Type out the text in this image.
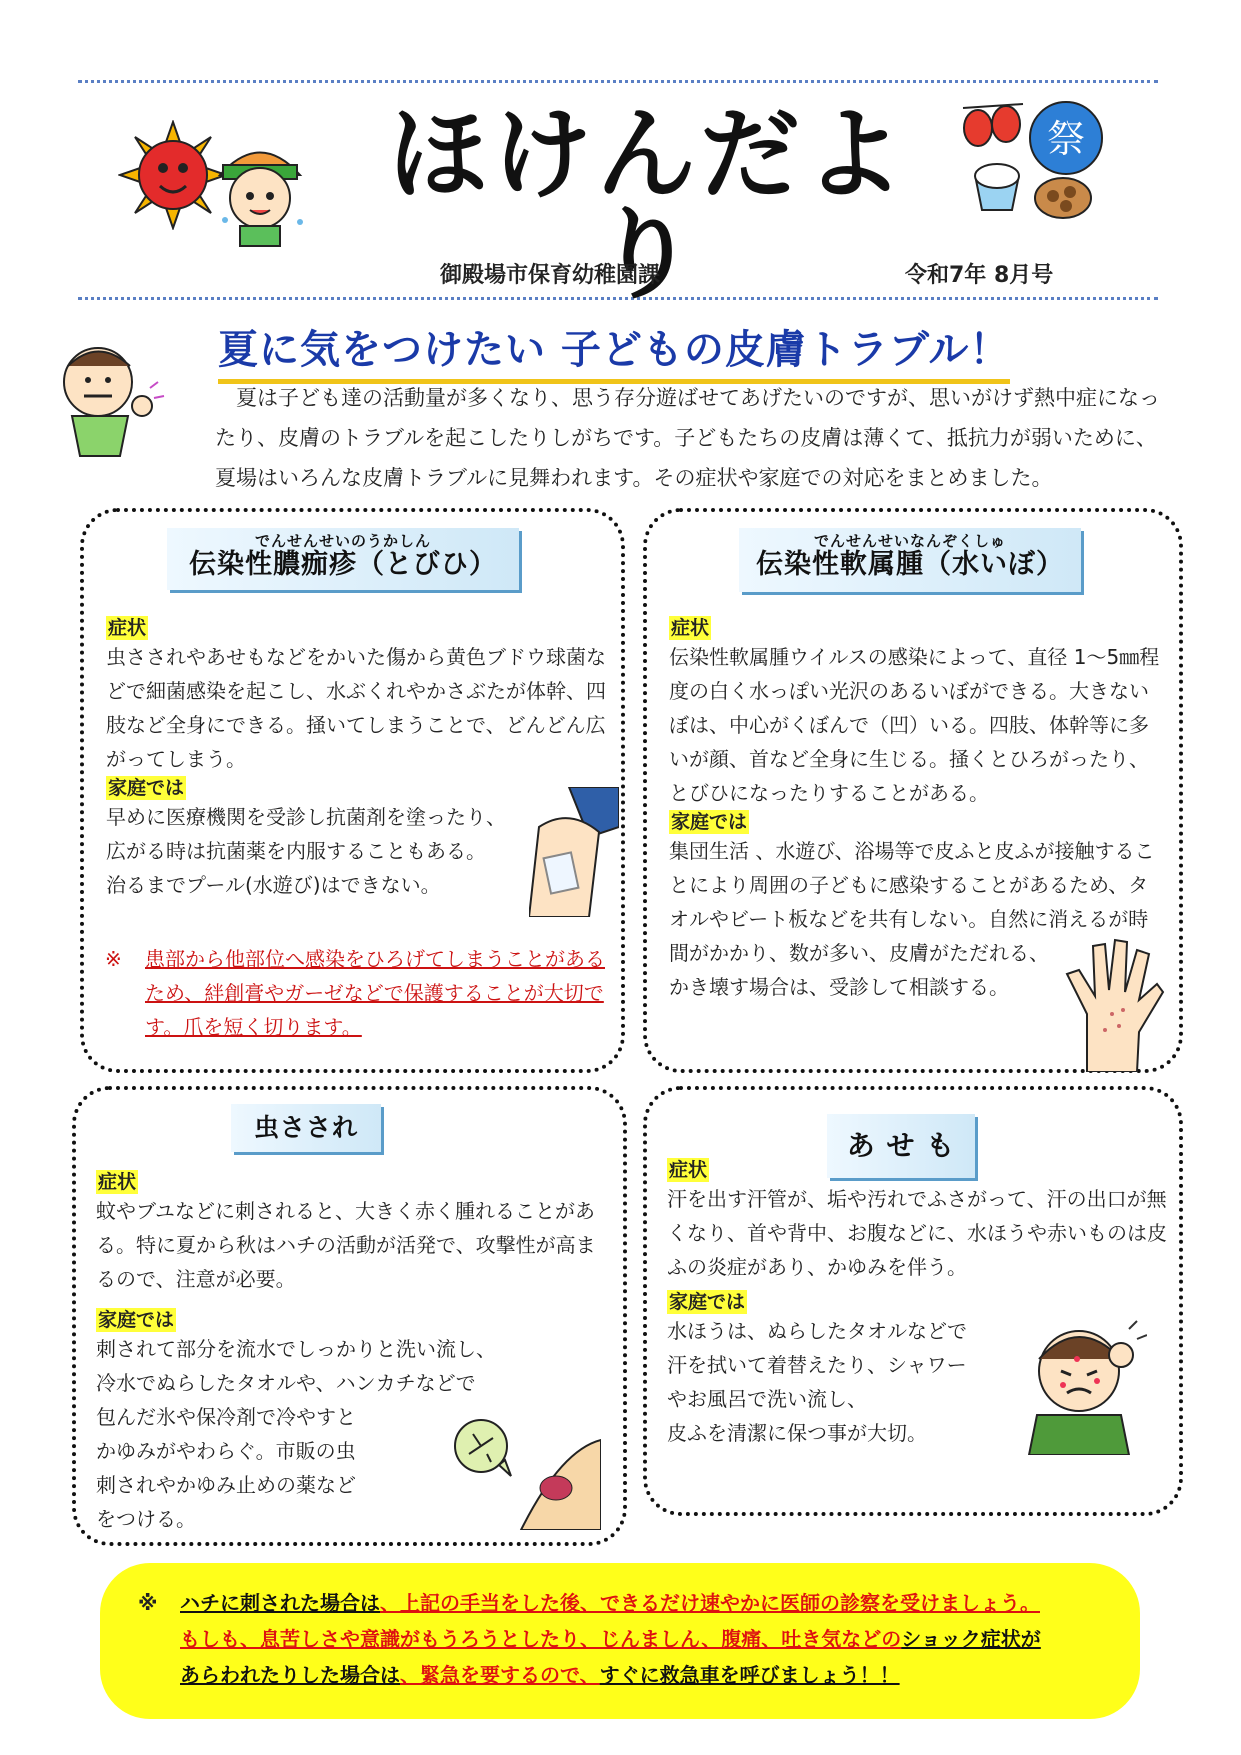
ほけんだより
祭
御殿場市保育幼稚園課	令和7年 8月号
夏に気をつけたい 子どもの皮膚トラブル！
　夏は子ども達の活動量が多くなり、思う存分遊ばせてあげたいのですが、思いがけず熱中症になったり、皮膚のトラブルを起こしたりしがちです。子どもたちの皮膚は薄くて、抵抗力が弱いために、夏場はいろんな皮膚トラブルに見舞われます。その症状や家庭での対応をまとめました。
でんせんせいのうかしん
伝染性膿痂疹（とびひ）
症状
虫さされやあせもなどをかいた傷から黄色ブドウ球菌などで細菌感染を起こし、水ぶくれやかさぶたが体幹、四肢など全身にできる。掻いてしまうことで、どんどん広がってしまう。
家庭では
早めに医療機関を受診し抗菌剤を塗ったり、
広がる時は抗菌薬を内服することもある。
治るまでプール(水遊び)はできない。
※ 患部から他部位へ感染をひろげてしまうことがあるため、絆創膏やガーゼなどで保護することが大切です。爪を短く切ります。
でんせんせいなんぞくしゅ
伝染性軟属腫（水いぼ）
症状
伝染性軟属腫ウイルスの感染によって、直径 1～5㎜程度の白く水っぽい光沢のあるいぼができる。大きないぼは、中心がくぼんで（凹）いる。四肢、体幹等に多いが顔、首など全身に生じる。掻くとひろがったり、とびひになったりすることがある。
家庭では
集団生活 、水遊び、浴場等で皮ふと皮ふが接触することにより周囲の子どもに感染することがあるため、タオルやビート板などを共有しない。自然に消えるが時間がかかり、数が多い、皮膚がただれる、
かき壊す場合は、受診して相談する。
虫さされ
症状
蚊やブユなどに刺されると、大きく赤く腫れることがある。特に夏から秋はハチの活動が活発で、攻撃性が高まるので、注意が必要。
家庭では
刺されて部分を流水でしっかりと洗い流し、
冷水でぬらしたタオルや、ハンカチなどで
包んだ氷や保冷剤で冷やすと
かゆみがやわらぐ。市販の虫
刺されやかゆみ止めの薬など
をつける。
あ せ も
症状
汗を出す汗管が、垢や汚れでふさがって、汗の出口が無くなり、首や背中、お腹などに、水ほうや赤いものは皮ふの炎症があり、かゆみを伴う。
家庭では
水ほうは、ぬらしたタオルなどで
汗を拭いて着替えたり、シャワー
やお風呂で洗い流し、
皮ふを清潔に保つ事が大切。
※ ハチに刺された場合は、上記の手当をした後、できるだけ速やかに医師の診察を受けましょう。
もしも、息苦しさや意識がもうろうとしたり、じんましん、腹痛、吐き気などのショック症状が
あらわれたりした場合は、緊急を要するので、すぐに救急車を呼びましょう！！
